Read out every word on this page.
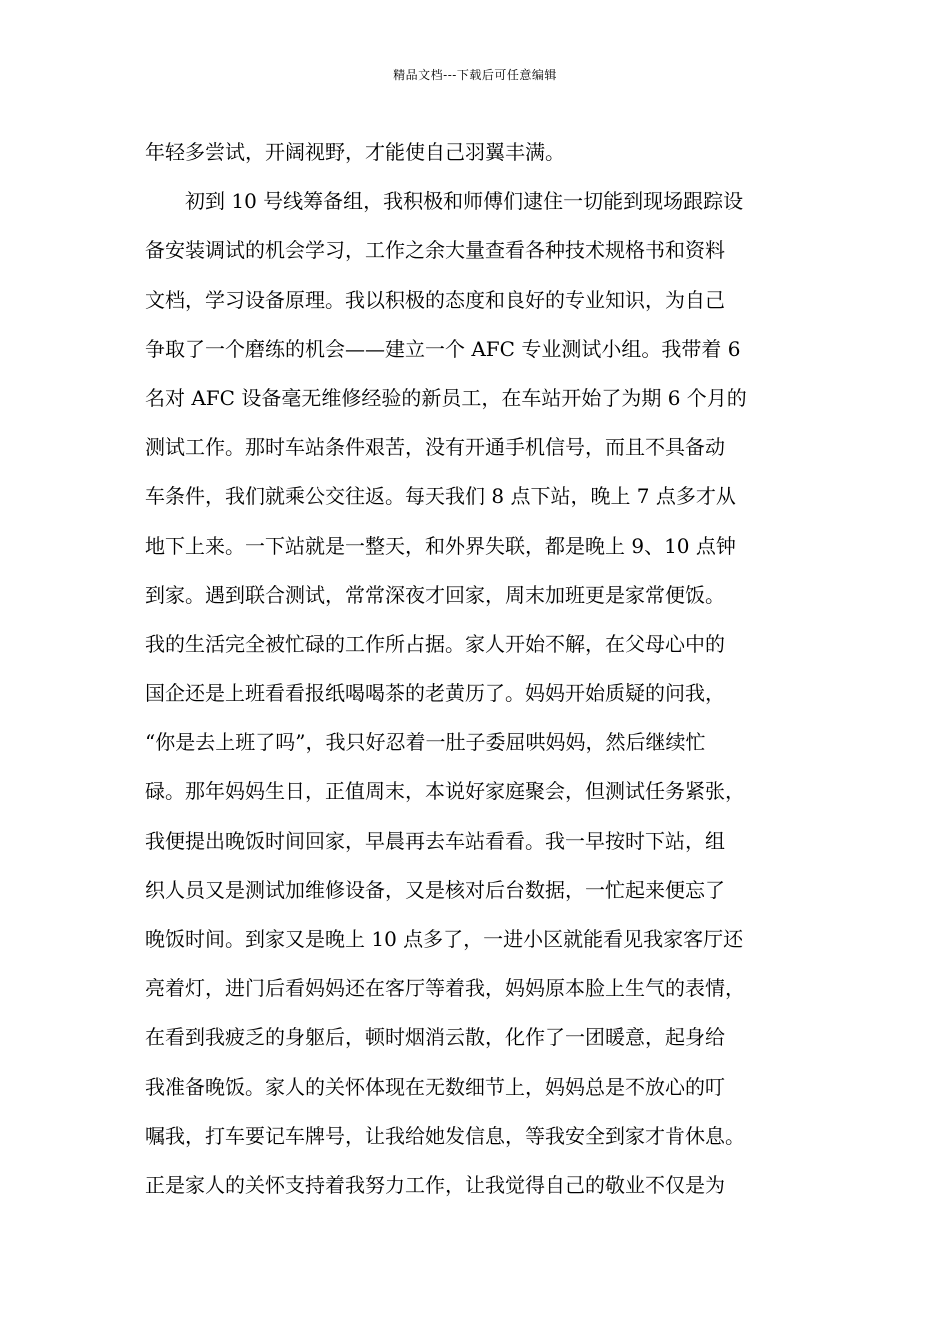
精品文档---下载后可任意编辑
年轻多尝试，开阔视野，才能使自己羽翼丰满。
　　初到 10 号线筹备组，我积极和师傅们逮住一切能到现场跟踪设
备安装调试的机会学习，工作之余大量查看各种技术规格书和资料
文档，学习设备原理。我以积极的态度和良好的专业知识，为自己
争取了一个磨练的机会——建立一个 AFC 专业测试小组。我带着 6
名对 AFC 设备毫无维修经验的新员工，在车站开始了为期 6 个月的
测试工作。那时车站条件艰苦，没有开通手机信号，而且不具备动
车条件，我们就乘公交往返。每天我们 8 点下站，晚上 7 点多才从
地下上来。一下站就是一整天，和外界失联，都是晚上 9、10 点钟
到家。遇到联合测试，常常深夜才回家，周末加班更是家常便饭。
我的生活完全被忙碌的工作所占据。家人开始不解，在父母心中的
国企还是上班看看报纸喝喝茶的老黄历了。妈妈开始质疑的问我，
“你是去上班了吗”，我只好忍着一肚子委屈哄妈妈，然后继续忙
碌。那年妈妈生日，正值周末，本说好家庭聚会，但测试任务紧张，
我便提出晚饭时间回家，早晨再去车站看看。我一早按时下站，组
织人员又是测试加维修设备，又是核对后台数据，一忙起来便忘了
晚饭时间。到家又是晚上 10 点多了，一进小区就能看见我家客厅还
亮着灯，进门后看妈妈还在客厅等着我，妈妈原本脸上生气的表情，
在看到我疲乏的身躯后，顿时烟消云散，化作了一团暖意，起身给
我准备晚饭。家人的关怀体现在无数细节上，妈妈总是不放心的叮
嘱我，打车要记车牌号，让我给她发信息，等我安全到家才肯休息。
正是家人的关怀支持着我努力工作，让我觉得自己的敬业不仅是为
